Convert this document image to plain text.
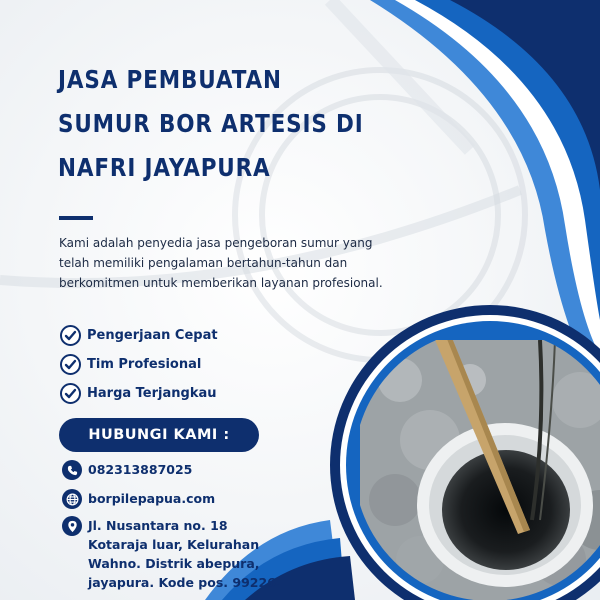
JASA PEMBUATAN
SUMUR BOR ARTESIS DI
NAFRI JAYAPURA

Kami adalah penyedia jasa pengeboran sumur yang telah memiliki pengalaman bertahun-tahun dan berkomitmen untuk memberikan layanan profesional.

Pengerjaan Cepat
Tim Profesional
Harga Terjangkau
HUBUNGI KAMI :
082313887025
borpilepapua.com
Jl. Nusantara no. 18 Kotaraja luar, Kelurahan Wahno. Distrik abepura, jayapura. Kode pos. 99226.
